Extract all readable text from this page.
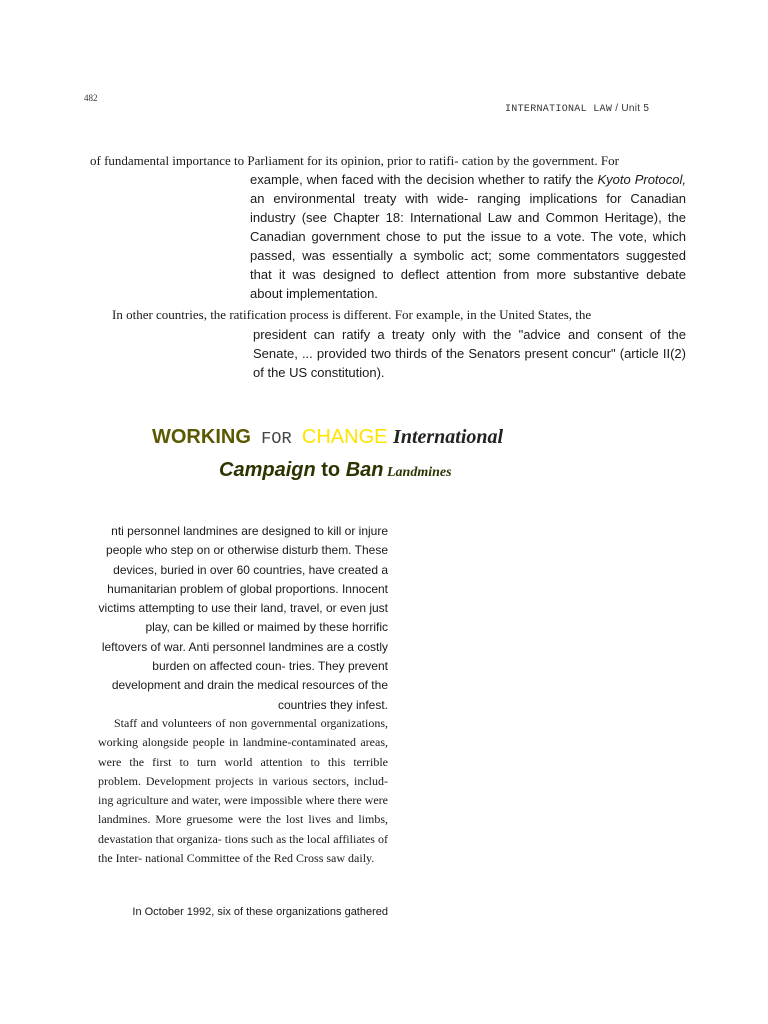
482
INTERNATIONAL LAW / Unit 5

of fundamental importance to Parliament for its opinion, prior to ratifi- cation by the government. For

example, when faced with the decision whether to ratify the Kyoto Protocol, an environmental treaty with wide- ranging implications for Canadian industry (see Chapter 18: International Law and Common Heritage), the Canadian government chose to put the issue to a vote. The vote, which passed, was essentially a symbolic act; some commentators suggested that it was designed to deflect attention from more substantive debate about implementation.

In other countries, the ratification process is different. For example, in the United States, the

president can ratify a treaty only with the "advice and consent of the Senate, ... provided two thirds of the Senators present concur" (article II(2) of the US constitution).

WORKING FOR CHANGE International
Campaign to Ban Landmines

nti personnel landmines are designed to kill or injure people who step on or otherwise disturb them. These devices, buried in over 60 countries, have created a humanitarian problem of global proportions. Innocent victims attempting to use their land, travel, or even just play, can be killed or maimed by these horrific leftovers of war. Anti personnel landmines are a costly burden on affected coun- tries. They prevent development and drain the medical resources of the countries they infest.

Staff and volunteers of non governmental organizations, working alongside people in landmine-contaminated areas, were the first to turn world attention to this terrible problem. Development projects in various sectors, includ- ing agriculture and water, were impossible where there were landmines. More gruesome were the lost lives and limbs, devastation that organiza- tions such as the local affiliates of the Inter- national Committee of the Red Cross saw daily.

In October 1992, six of these organizations gathered
